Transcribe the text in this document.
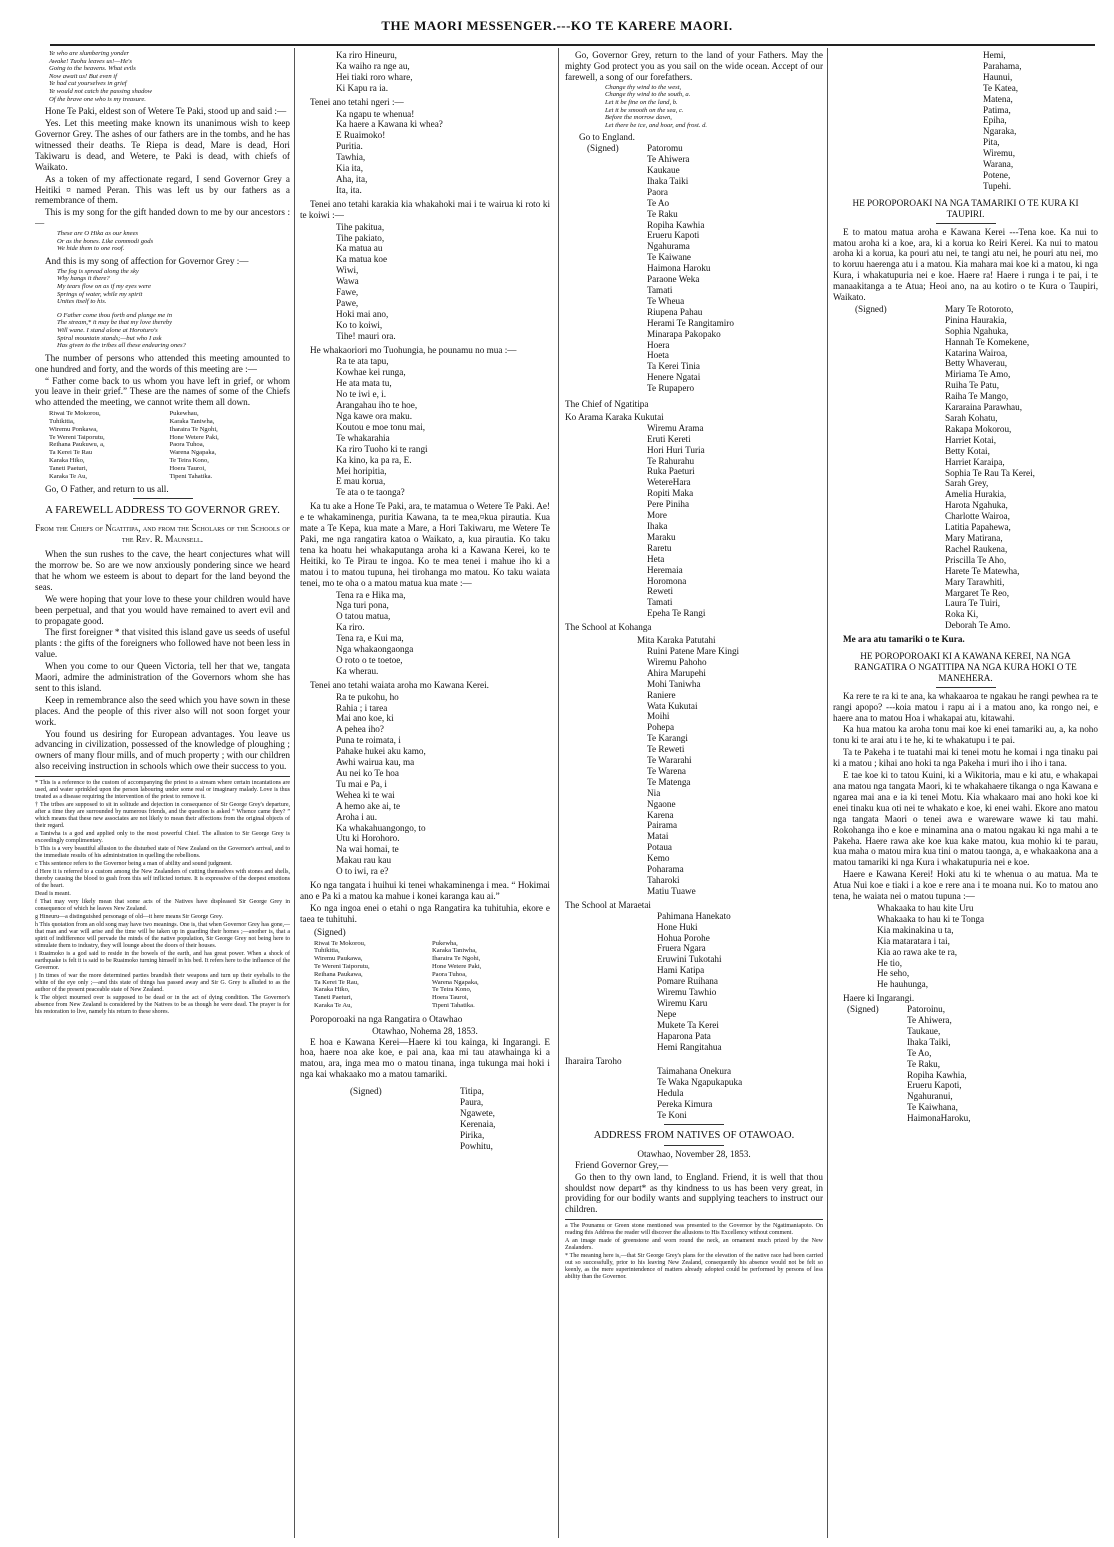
THE MAORI MESSENGER.---KO TE KARERE MAORI.
Ye who are slumbering yonder
Awake! Tuohu leaves us!—He's
Going to the heavens. What evils
Now await us! But even if
Ye had cut yourselves in grief
Ye would not catch the passing shadow
Of the brave one who is my treasure.

Hone Te Paki, eldest son of Wetere Te Paki, stood up and said :—

Yes. Let this meeting make known its unanimous wish to keep Governor Grey. The ashes of our fathers are in the tombs, and he has witnessed their deaths. Te Riepa is dead, Mare is dead, Hori Takiwaru is dead, and Wetere, te Paki is dead, with chiefs of Waikato.

As a token of my affectionate regard, I send Governor Grey a Heitiki ¤ named Peran. This was left us by our fathers as a remembrance of them.

This is my song for the gift handed down to me by our ancestors :—

These are O Hika as our knees
Or as the bones. Like commodi gods
We hide them to one roof.

And this is my song of affection for Governor Grey :—

The fog is spread along the sky
Why hangs it there?
My tears flow on as if my eyes were
Springs of water, while my spirit
Unites itself to his.
O Father come thou forth and plunge me in
The stream,* it may be that my love thereby
Will wane. I stand alone at Horoturo's
Spiral mountain stands;—but who I ask
Has given to the tribes all these endearing ones?

The number of persons who attended this meeting amounted to one hundred and forty, and the words of this meeting are :—

“ Father come back to us whom you have left in grief, or whom you leave in their grief.” These are the names of some of the Chiefs who attended the meeting, we cannot write them all down.

Riwai Te Mokorou,	Pukewhau,
Tuhikitia,	Karaka Taniwha,
Wiremu Ponkawa,	Iharaira Te Ngohi,
Te Wereni Taiporutu,	Hone Wetere Paki,
Reihana Paukuwu, a,	Paora Tuhoa,
Ta Kerei Te Rau	Warena Ngapaka,
Karaka Hiko,	Te Teira Kono,
Taneti Paeturi,	Hoera Tauroi,
Karaka Te Au,	Tipeni Tahatika.

Go, O Father, and return to us all.

A FAREWELL ADDRESS TO GOVERNOR GREY.
From the Chiefs of Ngatitipa, and from the Scholars of the Schools of the Rev. R. Maunsell.

When the sun rushes to the cave, the heart conjectures what will the morrow be. So are we now anxiously pondering since we heard that he whom we esteem is about to depart for the land beyond the seas.

We were hoping that your love to these your children would have been perpetual, and that you would have remained to avert evil and to propagate good.

The first foreigner * that visited this island gave us seeds of useful plants : the gifts of the foreigners who followed have not been less in value.

When you come to our Queen Victoria, tell her that we, tangata Maori, admire the administration of the Governors whom she has sent to this island.

Keep in remembrance also the seed which you have sown in these places. And the people of this river also will not soon forget your work.

You found us desiring for European advantages. You leave us advancing in civilization, possessed of the knowledge of ploughing ; owners of many flour mills, and of much property ; with our children also receiving instruction in schools which owe their success to you.

* This is a reference to the custom of accompanying the priest to a stream where certain incantations are used, and water sprinkled upon the person labouring under some real or imaginary malady. Love is thus treated as a disease requiring the intervention of the priest to remove it.
† The tribes are supposed to sit in solitude and dejection in consequence of Sir George Grey's departure, after a time they are surrounded by numerous friends, and the question is asked “ Whence came they? ” which means that these new associates are not likely to mean their affections from the original objects of their regard.
a Taniwha is a god and applied only to the most powerful Chief. The allusion to Sir George Grey is exceedingly complimentary.
b This is a very beautiful allusion to the disturbed state of New Zealand on the Governor's arrival, and to the immediate results of his administration in quelling the rebellions.
c This sentence refers to the Governor being a man of ability and sound judgment.
d Here it is referred to a custom among the New Zealanders of cutting themselves with stones and shells, thereby causing the blood to gush from this self inflicted torture. It is expressive of the deepest emotions of the heart.
Dead is meant.
f That may very likely mean that some acts of the Natives have displeased Sir George Grey in consequence of which he leaves New Zealand.
g Hineuru—a distinguished personage of old—it here means Sir George Grey.
h This quotation from an old song may have two meanings. One is, that when Governor Grey has gone,—that man and war will arise and the time will be taken up in guarding their homes ;—another is, that a spirit of indifference will pervade the minds of the native population, Sir George Grey not being here to stimulate them to industry, they will lounge about the doors of their houses.
i Ruaimoko is a god said to reside in the bowels of the earth, and has great power. When a shock of earthquake is felt it is said to be Ruaimoko turning himself in his bed. It refers here to the influence of the Governor.
j In times of war the more determined parties brandish their weapons and turn up their eyeballs to the white of the eye only ;—and this state of things has passed away and Sir G. Grey is alluded to as the author of the present peaceable state of New Zealand.
k The object mourned over is supposed to be dead or in the act of dying condition. The Governor's absence from New Zealand is considered by the Natives to be as though he were dead. The prayer is for his restoration to live, namely his return to these shores.
Ka riro Hineuru,
Ka waiho ra nge au,
Hei tiaki roro whare,
Ki Kapu ra ia.

Tenei ano tetahi ngeri :—

Ka ngapu te whenua!
Ka haere a Kawana ki whea?
E Ruaimoko!
Puritia.
Tawhia,
Kia ita,
Aha, ita,
Ita, ita.

Tenei ano tetahi karakia kia whakahoki mai i te wairua ki roto ki te koiwi :—

Tihe pakitua,
Tihe pakiato,
Ka matua au
Ka matua koe
Wiwi,
Wawa
Fawe,
Pawe,
Hoki mai ano,
Ko to koiwi,
Tihe! mauri ora.

He whakaoriori mo Tuohungia, he pounamu no mua :—

Ra te ata tapu,
Kowhae kei runga,
He ata mata tu,
No te iwi e, i.
Arangahau iho te hoe,
Nga kawe ora maku.
Koutou e moe tonu mai,
Te whakarahia
Ka riro Tuoho ki te rangi
Ka kino, ka pa ra, E.
Mei horipitia,
E mau korua,
Te ata o te taonga?

Ka tu ake a Hone Te Paki, ara, te matamua o Wetere Te Paki. Ae! e te whakaminenga, puritia Kawana, ta te mea,¤kua pirautia. Kua mate a Te Kepa, kua mate a Mare, a Hori Takiwaru, me Wetere Te Paki, me nga rangatira katoa o Waikato, a, kua pirautia. Ko taku tena ka hoatu hei whakaputanga aroha ki a Kawana Kerei, ko te Heitiki, ko Te Pirau te ingoa. Ko te mea tenei i mahue iho ki a matou i to matou tupuna, hei tirohanga mo matou. Ko taku waiata tenei, mo te oha o a matou matua kua mate :—

Tena ra e Hika ma,
Nga turi pona,
O tatou matua,
Ka riro.
Tena ra, e Kui ma,
Nga whakaongaonga
O roto o te toetoe,
Ka wherau.

Tenei ano tetahi waiata aroha mo Kawana Kerei.

Ra te pukohu, ho
Rahia ; i tarea
Mai ano koe, ki
A pehea iho?
Puna te roimata, i
Pahake hukei aku kamo,
Awhi wairua kau, ma
Au nei ko Te hoa
Tu mai e Pa, i
Wehea ki te wai
A hemo ake ai, te
Aroha i au.
Ka whakahuangongo, to
Utu ki Horohoro.
Na wai homai, te
Makau rau kau
O to iwi, ra e?

Ko nga tangata i huihui ki tenei whakaminenga i mea. “ Hokimai ano e Pa ki a matou ka mahue i konei karanga kau ai.”

Ko nga ingoa enei o etahi o nga Rangatira ka tuhituhia, ekore e taea te tuhituhi.

(Signed)
Riwai Te Mokorou,	Pukewha,
Tuhikitia,	Karaka Taniwha,
Wiremu Paukawa,	Iharaira Te Ngohi,
Te Wereni Taiporutu,	Hone Wetere Paki,
Reihana Paukawa,	Paora Tuhoa,
Ta Kerei Te Rau,	Warena Ngapaka,
Karaka Hiko,	Te Teira Kono,
Taneti Paeturi,	Hoera Tauroi,
Karaka Te Au,	Tipeni Tahatika.

Poroporoaki na nga Rangatira o Otawhao

Otawhao, Nohema 28, 1853.

E hoa e Kawana Kerei—Haere ki tou kainga, ki Ingarangi. E hoa, haere noa ake koe, e pai ana, kaa mi tau atawhainga ki a matou, ara, inga mea mo o matou tinana, inga tukunga mai hoki i nga kai whakaako mo a matou tamariki.

(Signed)	Titipa,
Paura,
Ngawete,
Kerenaia,
Pirika,
Powhitu,

Go, Governor Grey, return to the land of your Fathers. May the mighty God protect you as you sail on the wide ocean. Accept of our farewell, a song of our forefathers.

Change thy wind to the west,
Change thy wind to the south, a.
Let it be fine on the land, b.
Let it be smooth on the sea, c.
Before the morrow dawn,
Let there be ice, and hoar, and frost. d.
Go to England.
(Signed)	Patoromu
Te Ahiwera
Kaukaue
Ihaka Taiki
Paora
Te Ao
Te Raku
Ropiha Kawhia
Erueru Kapoti
Ngahurama
Te Kaiwane
Haimona Haroku
Paraone Weka
Tamati
Te Wheua
Riupena Pahau
Herami Te Rangitamiro
Minarapa Pakopako
Hoera
Hoeta
Ta Kerei Tinia
Henere Ngatai
Te Rupapero
The Chief of Ngatitipa
Ko Arama Karaka Kukutai
Wiremu Arama
Eruti Kereti
Hori Huri Turia
Te Rahurahu
Ruka Paeturi
WetereHara
Ropiti Maka
Pere Piniha
More
Ihaka
Maraku
Raretu
Heta
Heremaia
Horomona
Reweti
Tamati
Epeha Te Rangi
The School at Kohanga
Mita Karaka Patutahi
Ruini Patene Mare Kingi
Wiremu Pahoho
Ahira Marupehi
Mohi Taniwha
Raniere
Wata Kukutai
Moihi
Pohepa
Te Karangi
Te Reweti
Te Wararahi
Te Warena
Te Matenga
Nia
Ngaone
Karena
Pairama
Matai
Potaua
Kemo
Poharama
Taharoki
Matiu Tuawe
The School at Maraetai
Pahimana Hanekato
Hone Huki
Hohua Porohe
Fruera Ngara
Eruwini Tukotahi
Hami Katipa
Pomare Ruihana
Wiremu Tawhio
Wiremu Karu
Nepe
Mukete Ta Kerei
Haparona Pata
Hemi Rangitahua
Iharaira Taroho
Taimahana Onekura
Te Waka Ngapukapuka
Hedula
Pereka Kimura
Te Koni
ADDRESS FROM NATIVES OF OTAWOAO.
Otawhao, November 28, 1853.

Friend Governor Grey,—

Go then to thy own land, to England. Friend, it is well that thou shouldst now depart* as thy kindness to us has been very great, in providing for our bodily wants and supplying teachers to instruct our children.

a The Pounamu or Green stone mentioned was presented to the Governor by the Ngatimaniapoto. On reading this Address the reader will discover the allusions to His Excellency without comment.
A an image made of greenstone and worn round the neck, an ornament much prized by the New Zealanders.
* The meaning here is,—that Sir George Grey's plans for the elevation of the native race had been carried out so successfully, prior to his leaving New Zealand, consequently his absence would not be felt so keenly, as the mere superintendence of matters already adopted could be performed by persons of less ability than the Governor.
Hemi,
Parahama,
Haunui,
Te Katea,
Matena,
Patima,
Epiha,
Ngaraka,
Pita,
Wiremu,
Warana,
Potene,
Tupehi.
HE POROPOROAKI NA NGA TAMARIKI O TE KURA KI TAUPIRI.

E to matou matua aroha e Kawana Kerei ---Tena koe. Ka nui to matou aroha ki a koe, ara, ki a korua ko Reiri Kerei. Ka nui to matou aroha ki a korua, ka pouri atu nei, te tangi atu nei, he pouri atu nei, mo to koruu haerenga atu i a matou. Kia mahara mai koe ki a matou, ki nga Kura, i whakatupuria nei e koe. Haere ra! Haere i runga i te pai, i te manaakitanga a te Atua; Heoi ano, na au kotiro o te Kura o Taupiri, Waikato.

(Signed)	Mary Te Rotoroto,
Pinina Haurakia,
Sophia Ngahuka,
Hannah Te Komekene,
Katarina Wairoa,
Betty Whaverau,
Miriama Te Amo,
Ruiha Te Patu,
Raiha Te Mango,
Kararaina Parawhau,
Sarah Kohatu,
Rakapa Mokorou,
Harriet Kotai,
Betty Kotai,
Harriet Karaipa,
Sophia Te Rau Ta Kerei,
Sarah Grey,
Amelia Hurakia,
Harota Ngahuka,
Charlotte Wairoa,
Latitia Papahewa,
Mary Matirana,
Rachel Raukena,
Priscilla Te Aho,
Harete Te Matewha,
Mary Tarawhiti,
Margaret Te Reo,
Laura Te Tuiri,
Roka Ki,
Deborah Te Amo.

Me ara atu tamariki o te Kura.

HE POROPOROAKI KI A KAWANA KEREI, NA NGA RANGATIRA O NGATITIPA NA NGA KURA HOKI O TE MANEHERA.

Ka rere te ra ki te ana, ka whakaaroa te ngakau he rangi pewhea ra te rangi apopo? ---koia matou i rapu ai i a matou ano, ka rongo nei, e haere ana to matou Hoa i whakapai atu, kitawahi.

Ka hua matou ka aroha tonu mai koe ki enei tamariki au, a, ka noho tonu ki te arai atu i te he, ki te whakatupu i te pai.

Ta te Pakeha i te tuatahi mai ki tenei motu he komai i nga tinaku pai ki a matou ; kihai ano hoki ta nga Pakeha i muri iho i iho i tana.

E tae koe ki to tatou Kuini, ki a Wikitoria, mau e ki atu, e whakapai ana matou nga tangata Maori, ki te whakahaere tikanga o nga Kawana e ngarea mai ana e ia ki tenei Motu. Kia whakaaro mai ano hoki koe ki enei tinaku kua oti nei te whakato e koe, ki enei wahi. Ekore ano matou nga tangata Maori o tenei awa e wareware wawe ki tau mahi. Rokohanga iho e koe e minamina ana o matou ngakau ki nga mahi a te Pakeha. Haere rawa ake koe kua kake matou, kua mohio ki te parau, kua maha o matou mira kua tini o matou taonga, a, e whakaakona ana a matou tamariki ki nga Kura i whakatupuria nei e koe.

Haere e Kawana Kerei! Hoki atu ki te whenua o au matua. Ma te Atua Nui koe e tiaki i a koe e rere ana i te moana nui. Ko to matou ano tena, he waiata nei o matou tupuna :—

Whakaaka to hau kite Uru
Whakaaka to hau ki te Tonga
Kia makinakina u ta,
Kia mataratara i tai,
Kia ao rawa ake te ra,
He tio,
He seho,
He hauhunga,
Haere ki Ingarangi.
(Signed)	Patoroinu,
Te Ahiwera,
Taukaue,
Ihaka Taiki,
Te Ao,
Te Raku,
Ropiha Kawhia,
Erueru Kapoti,
Ngahuranui,
Te Kaiwhana,
HaimonaHaroku,
